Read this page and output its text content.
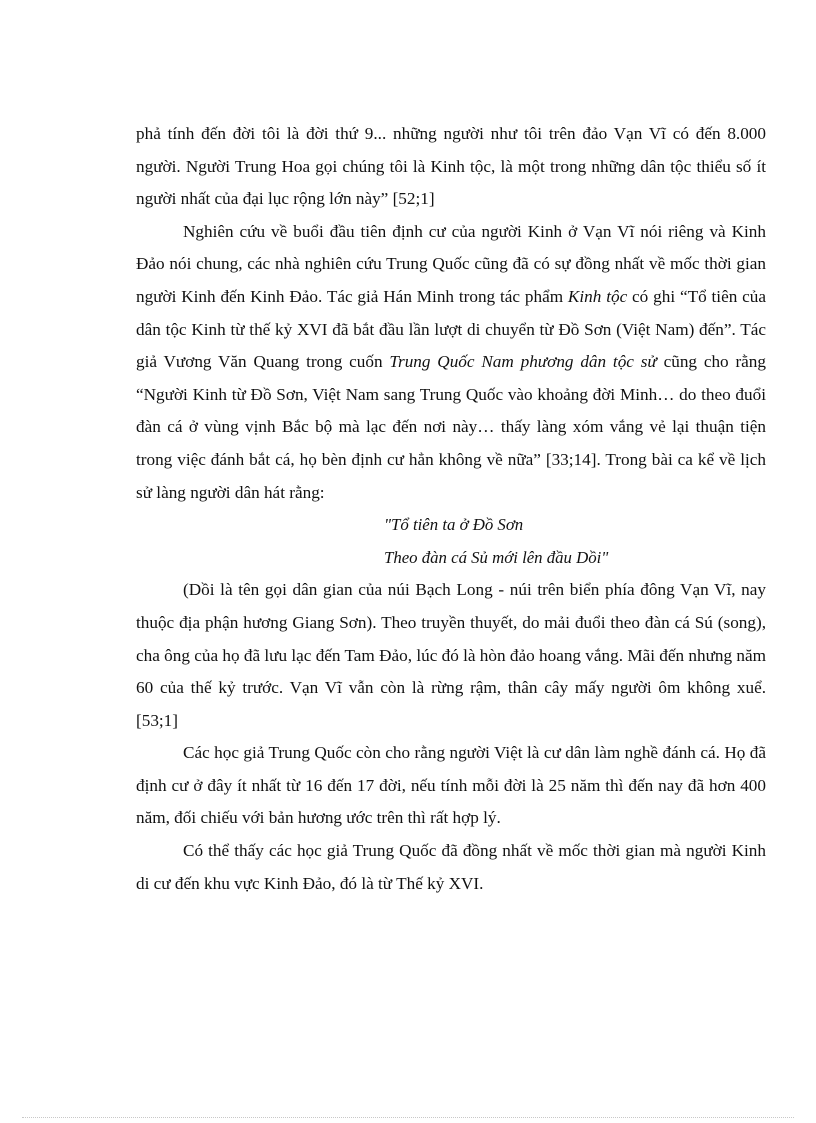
phả tính đến đời tôi là đời thứ 9... những người như tôi trên đảo Vạn Vĩ có đến 8.000 người. Người Trung Hoa gọi chúng tôi là Kinh tộc, là một trong những dân tộc thiểu số ít người nhất của đại lục rộng lớn này” [52;1]

Nghiên cứu về buổi đầu tiên định cư của người Kinh ở Vạn Vĩ nói riêng và Kinh Đảo nói chung, các nhà nghiên cứu Trung Quốc cũng đã có sự đồng nhất về mốc thời gian người Kinh đến Kinh Đảo. Tác giả Hán Minh trong tác phẩm Kinh tộc có ghi “Tổ tiên của dân tộc Kinh từ thế kỷ XVI đã bắt đầu lần lượt di chuyển từ Đồ Sơn (Việt Nam) đến”. Tác giả Vương Văn Quang trong cuốn Trung Quốc Nam phương dân tộc sử cũng cho rằng “Người Kinh từ Đồ Sơn, Việt Nam sang Trung Quốc vào khoảng đời Minh… do theo đuổi đàn cá ở vùng vịnh Bắc bộ mà lạc đến nơi này… thấy làng xóm vắng vẻ lại thuận tiện trong việc đánh bắt cá, họ bèn định cư hẳn không về nữa” [33;14]. Trong bài ca kể về lịch sử làng người dân hát rằng:

"Tổ tiên ta ở Đồ Sơn

Theo đàn cá Sủ mới lên đầu Dồi"

(Dồi là tên gọi dân gian của núi Bạch Long - núi trên biển phía đông Vạn Vĩ, nay thuộc địa phận hương Giang Sơn). Theo truyền thuyết, do mải đuổi theo đàn cá Sú (song), cha ông của họ đã lưu lạc đến Tam Đảo, lúc đó là hòn đảo hoang vắng. Mãi đến nhưng năm 60 của thế kỷ trước. Vạn Vĩ vẫn còn là rừng rậm, thân cây mấy người ôm không xuể. [53;1]

Các học giả Trung Quốc còn cho rằng người Việt là cư dân làm nghề đánh cá. Họ đã định cư ở đây ít nhất từ 16 đến 17 đời, nếu tính mỗi đời là 25 năm thì đến nay đã hơn 400 năm, đối chiếu với bản hương ước trên thì rất hợp lý.

Có thể thấy các học giả Trung Quốc đã đồng nhất về mốc thời gian mà người Kinh di cư đến khu vực Kinh Đảo, đó là từ Thế kỷ XVI.
